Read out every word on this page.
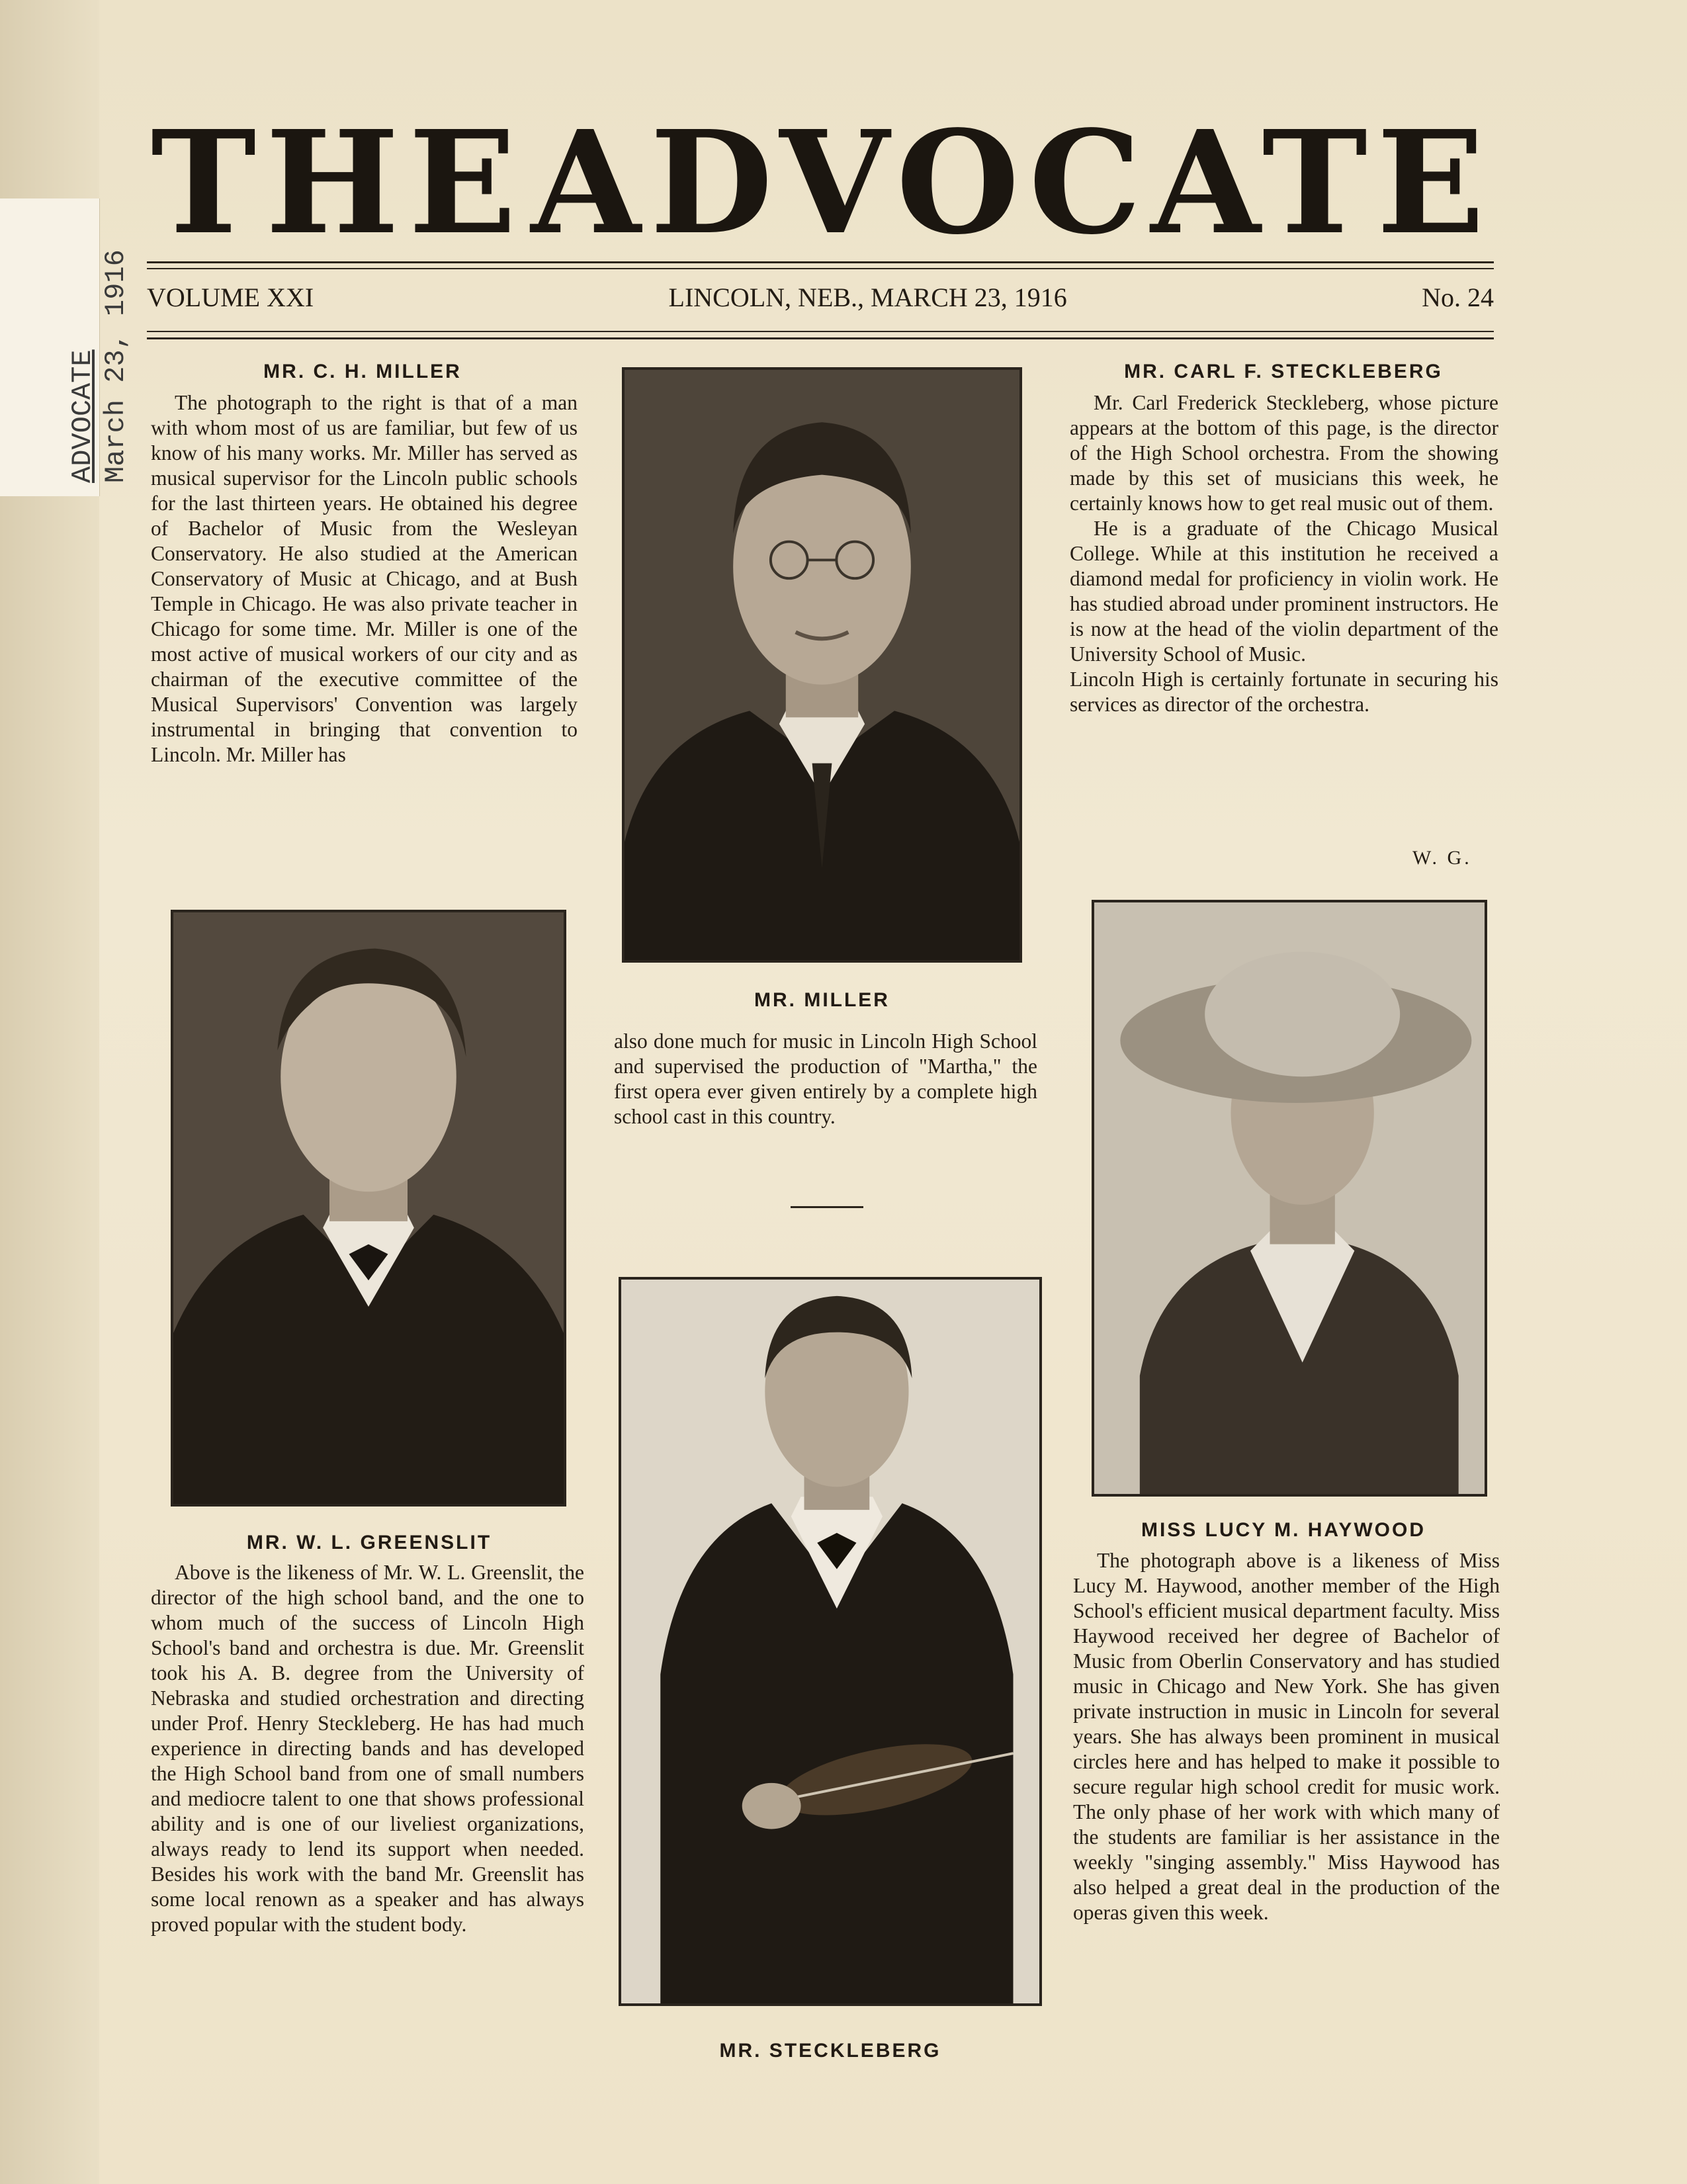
ADVOCATE March 23, 1916
THE ADVOCATE
VOLUME XXI	LINCOLN, NEB., MARCH 23, 1916	No. 24
MR. C. H. MILLER

The photograph to the right is that of a man with whom most of us are familiar, but few of us know of his many works. Mr. Miller has served as musical supervisor for the Lincoln public schools for the last thirteen years. He obtained his degree of Bachelor of Music from the Wesleyan Conservatory. He also studied at the American Conservatory of Music at Chicago, and at Bush Temple in Chicago. He was also private teacher in Chicago for some time. Mr. Miller is one of the most active of musical workers of our city and as chairman of the executive committee of the Musical Supervisors' Convention was largely instrumental in bringing that convention to Lincoln. Mr. Miller has

MR. MILLER

also done much for music in Lincoln High School and supervised the production of "Martha," the first opera ever given entirely by a complete high school cast in this country.

MR. CARL F. STECKLEBERG

Mr. Carl Frederick Steckleberg, whose picture appears at the bottom of this page, is the director of the High School orchestra. From the showing made by this set of musicians this week, he certainly knows how to get real music out of them.

He is a graduate of the Chicago Musical College. While at this institution he received a diamond medal for proficiency in violin work. He has studied abroad under prominent instructors. He is now at the head of the violin department of the University School of Music.

Lincoln High is certainly fortunate in securing his services as director of the orchestra.

W. G.
MR. W. L. GREENSLIT

Above is the likeness of Mr. W. L. Greenslit, the director of the high school band, and the one to whom much of the success of Lincoln High School's band and orchestra is due. Mr. Greenslit took his A. B. degree from the University of Nebraska and studied orchestration and directing under Prof. Henry Steckleberg. He has had much experience in directing bands and has developed the High School band from one of small numbers and mediocre talent to one that shows professional ability and is one of our liveliest organizations, always ready to lend its support when needed. Besides his work with the band Mr. Greenslit has some local renown as a speaker and has always proved popular with the student body.

MR. STECKLEBERG
MISS LUCY M. HAYWOOD

The photograph above is a likeness of Miss Lucy M. Haywood, another member of the High School's efficient musical department faculty. Miss Haywood received her degree of Bachelor of Music from Oberlin Conservatory and has studied music in Chicago and New York. She has given private instruction in music in Lincoln for several years. She has always been prominent in musical circles here and has helped to make it possible to secure regular high school credit for music work. The only phase of her work with which many of the students are familiar is her assistance in the weekly "singing assembly." Miss Haywood has also helped a great deal in the production of the operas given this week.
